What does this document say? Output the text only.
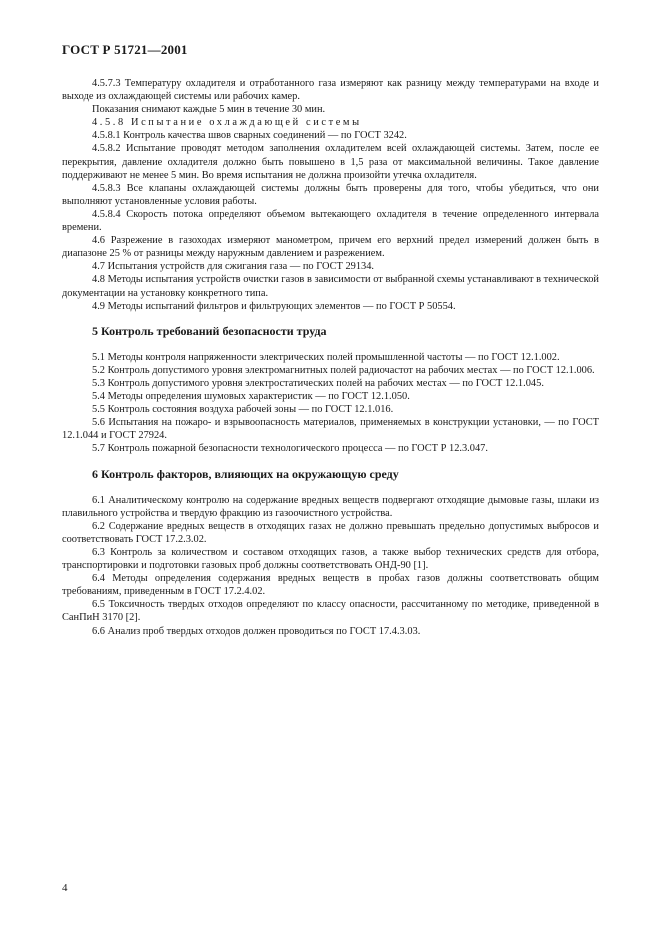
ГОСТ Р 51721—2001

4.5.7.3 Температуру охладителя и отработанного газа измеряют как разницу между температурами на входе и выходе из охлаждающей системы или рабочих камер.

Показания снимают каждые 5 мин в течение 30 мин.

4.5.8 Испытание охлаждающей системы

4.5.8.1 Контроль качества швов сварных соединений — по ГОСТ 3242.

4.5.8.2 Испытание проводят методом заполнения охладителем всей охлаждающей системы. Затем, после ее перекрытия, давление охладителя должно быть повышено в 1,5 раза от максимальной величины. Такое давление поддерживают не менее 5 мин. Во время испытания не должна произойти утечка охладителя.

4.5.8.3 Все клапаны охлаждающей системы должны быть проверены для того, чтобы убедиться, что они выполняют установленные условия работы.

4.5.8.4 Скорость потока определяют объемом вытекающего охладителя в течение определенного интервала времени.

4.6 Разрежение в газоходах измеряют манометром, причем его верхний предел измерений должен быть в диапазоне 25 % от разницы между наружным давлением и разрежением.

4.7 Испытания устройств для сжигания газа — по ГОСТ 29134.

4.8 Методы испытания устройств очистки газов в зависимости от выбранной схемы устанавливают в технической документации на установку конкретного типа.

4.9 Методы испытаний фильтров и фильтрующих элементов — по ГОСТ Р 50554.

5 Контроль требований безопасности труда

5.1 Методы контроля напряженности электрических полей промышленной частоты — по ГОСТ 12.1.002.

5.2 Контроль допустимого уровня электромагнитных полей радиочастот на рабочих местах — по ГОСТ 12.1.006.

5.3 Контроль допустимого уровня электростатических полей на рабочих местах — по ГОСТ 12.1.045.

5.4 Методы определения шумовых характеристик — по ГОСТ 12.1.050.

5.5 Контроль состояния воздуха рабочей зоны — по ГОСТ 12.1.016.

5.6 Испытания на пожаро- и взрывоопасность материалов, применяемых в конструкции установки, — по ГОСТ 12.1.044 и ГОСТ 27924.

5.7 Контроль пожарной безопасности технологического процесса — по ГОСТ Р 12.3.047.

6 Контроль факторов, влияющих на окружающую среду

6.1 Аналитическому контролю на содержание вредных веществ подвергают отходящие дымовые газы, шлаки из плавильного устройства и твердую фракцию из газоочистного устройства.

6.2 Содержание вредных веществ в отходящих газах не должно превышать предельно допустимых выбросов и соответствовать ГОСТ 17.2.3.02.

6.3 Контроль за количеством и составом отходящих газов, а также выбор технических средств для отбора, транспортировки и подготовки газовых проб должны соответствовать ОНД-90 [1].

6.4 Методы определения содержания вредных веществ в пробах газов должны соответствовать общим требованиям, приведенным в ГОСТ 17.2.4.02.

6.5 Токсичность твердых отходов определяют по классу опасности, рассчитанному по методике, приведенной в СанПиН 3170 [2].

6.6 Анализ проб твердых отходов должен проводиться по ГОСТ 17.4.3.03.

4
